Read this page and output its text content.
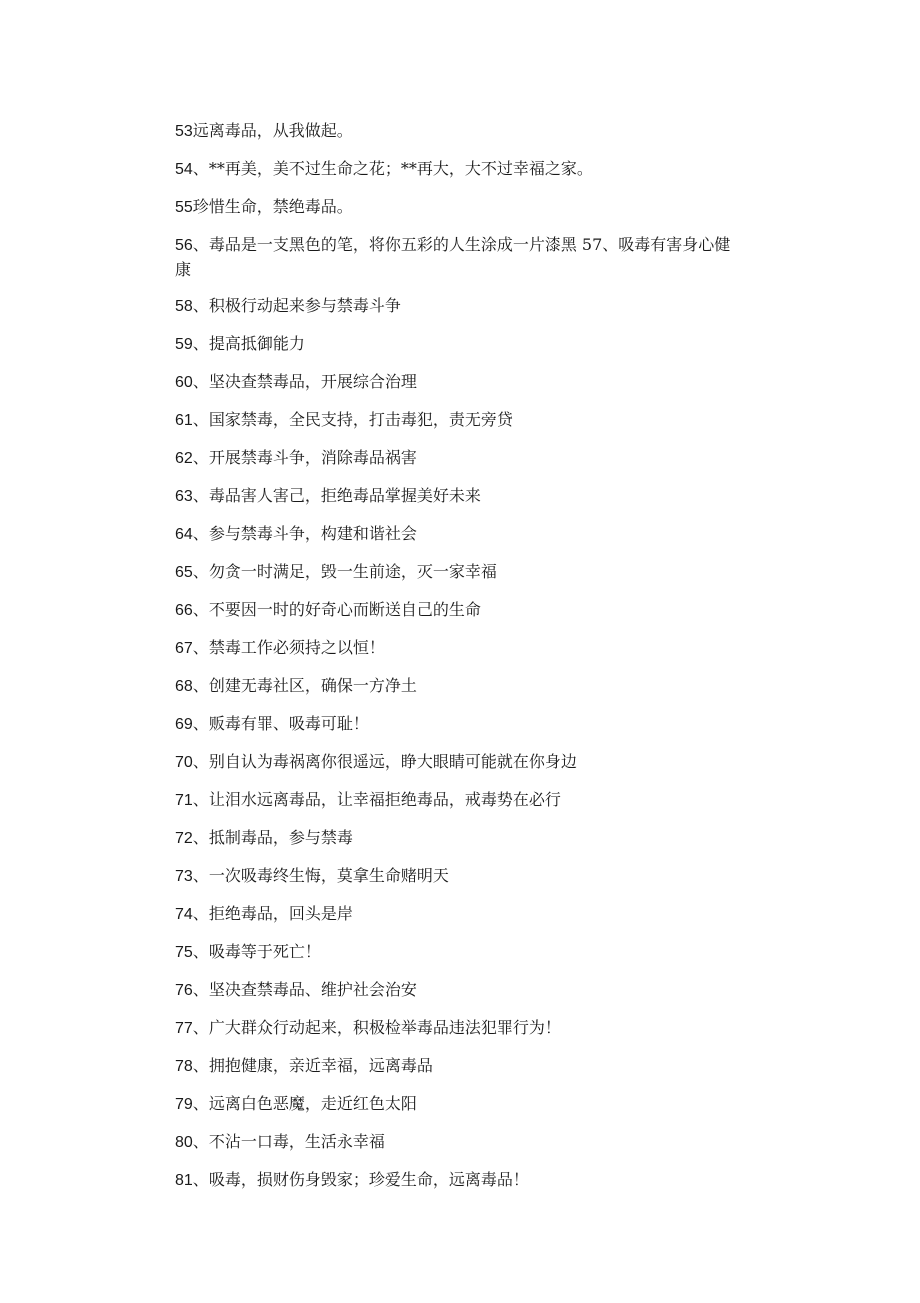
53远离毒品，从我做起。
54、**再美，美不过生命之花；**再大，大不过幸福之家。
55珍惜生命，禁绝毒品。
56、毒品是一支黑色的笔，将你五彩的人生涂成一片漆黑 57、吸毒有害身心健康
58、积极行动起来参与禁毒斗争
59、提高抵御能力
60、坚决查禁毒品，开展综合治理
61、国家禁毒，全民支持，打击毒犯，责无旁贷
62、开展禁毒斗争，消除毒品祸害
63、毒品害人害己，拒绝毒品掌握美好未来
64、参与禁毒斗争，构建和谐社会
65、勿贪一时满足，毁一生前途，灭一家幸福
66、不要因一时的好奇心而断送自己的生命
67、禁毒工作必须持之以恒！
68、创建无毒社区，确保一方净土
69、贩毒有罪、吸毒可耻！
70、别自认为毒祸离你很遥远，睁大眼睛可能就在你身边
71、让泪水远离毒品，让幸福拒绝毒品，戒毒势在必行
72、抵制毒品，参与禁毒
73、一次吸毒终生悔，莫拿生命赌明天
74、拒绝毒品，回头是岸
75、吸毒等于死亡！
76、坚决查禁毒品、维护社会治安
77、广大群众行动起来，积极检举毒品违法犯罪行为！
78、拥抱健康，亲近幸福，远离毒品
79、远离白色恶魔，走近红色太阳
80、不沾一口毒，生活永幸福
81、吸毒，损财伤身毁家；珍爱生命，远离毒品！
